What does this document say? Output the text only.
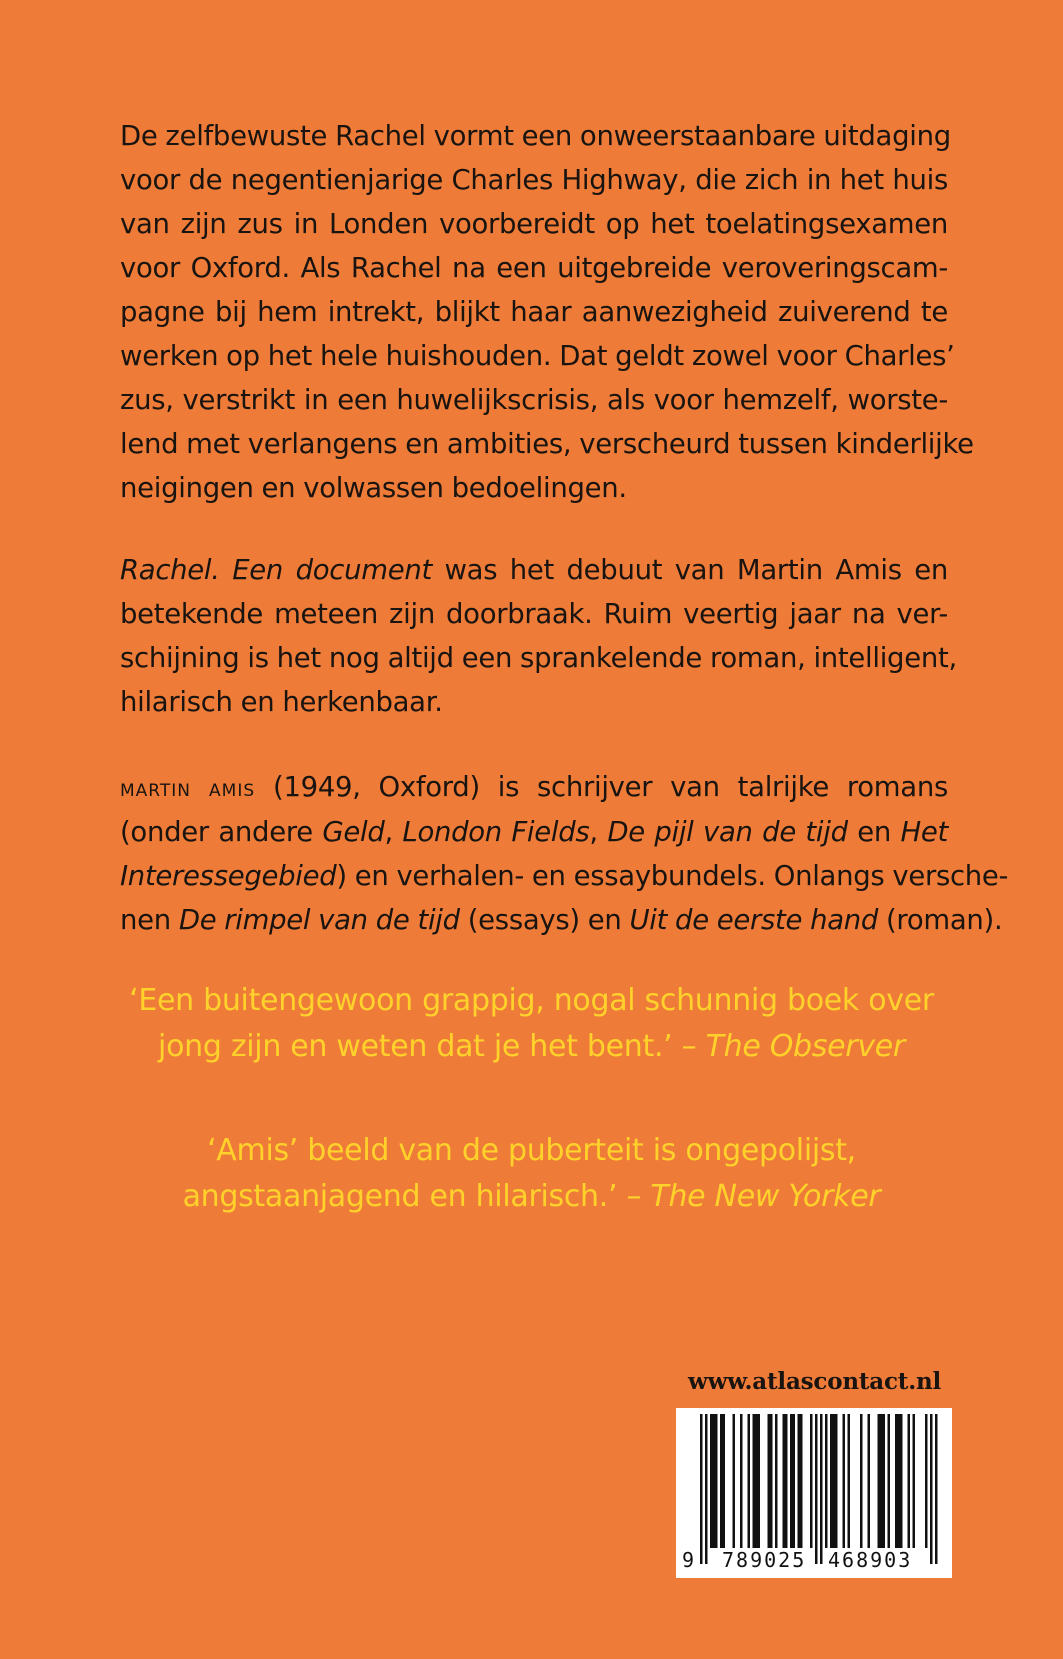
De zelfbewuste Rachel vormt een onweerstaanbare uitdaging
voor de negentienjarige Charles Highway, die zich in het huis
van zijn zus in Londen voorbereidt op het toelatingsexamen
voor Oxford. Als Rachel na een uitgebreide veroveringscam-
pagne bij hem intrekt, blijkt haar aanwezigheid zuiverend te
werken op het hele huishouden. Dat geldt zowel voor Charles’
zus, verstrikt in een huwelijkscrisis, als voor hemzelf, worste-
lend met verlangens en ambities, verscheurd tussen kinderlijke
neigingen en volwassen bedoelingen.

Rachel. Een document was het debuut van Martin Amis en
betekende meteen zijn doorbraak. Ruim veertig jaar na ver-
schijning is het nog altijd een sprankelende roman, intelligent,
hilarisch en herkenbaar.

martin amis (1949, Oxford) is schrijver van talrijke romans
(onder andere Geld, London Fields, De pijl van de tijd en Het
Interessegebied) en verhalen- en essaybundels. Onlangs versche-
nen De rimpel van de tijd (essays) en Uit de eerste hand (roman).

‘Een buitengewoon grappig, nogal schunnig boek over
jong zijn en weten dat je het bent.’ – The Observer
‘Amis’ beeld van de puberteit is ongepolijst,
angstaanjagend en hilarisch.’ – The New Yorker
www.atlascontact.nl
9 789025 468903
